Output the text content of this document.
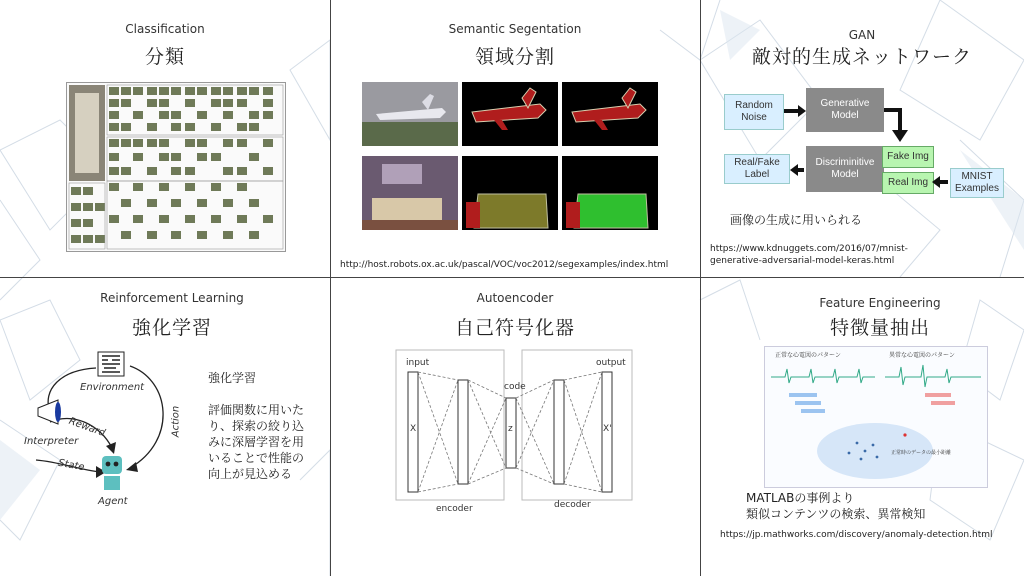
Classification
分類
Semantic Segentation
領域分割
http://host.robots.ox.ac.uk/pascal/VOC/voc2012/segexamples/index.html
GAN
敵対的生成ネットワーク
Random Noise
Generative Model
Discriminitive Model
Fake Img
Real Img
MNIST Examples
Real/Fake Label
画像の生成に用いられる
https://www.kdnuggets.com/2016/07/mnist-generative-adversarial-model-keras.html
Reinforcement Learning
強化学習
Environment
Interpreter
Reward
State
Action
Agent
強化学習
評価関数に用いたり、探索の絞り込みに深層学習を用いることで性能の向上が見込める
Autoencoder
自己符号化器
input	output
code
X	z	X'
encoder	decoder
Feature Engineering
特徴量抽出
正常な心電図のパターン	異常な心電図のパターン
正常時のデータの最小距離
MATLABの事例より
類似コンテンツの検索、異常検知
https://jp.mathworks.com/discovery/anomaly-detection.html
